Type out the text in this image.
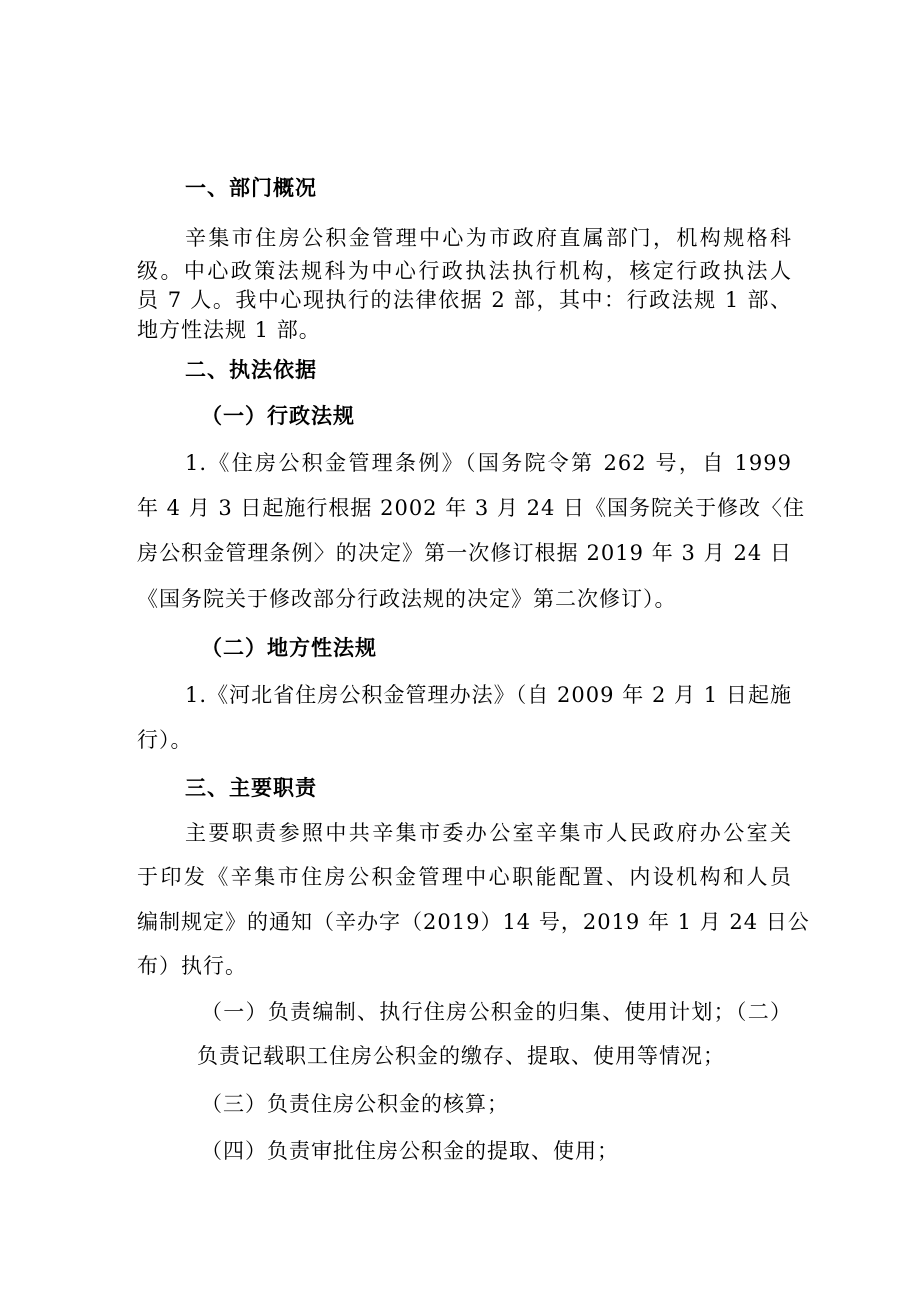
一、部门概况
辛集市住房公积金管理中心为市政府直属部门，机构规格科
级。中心政策法规科为中心行政执法执行机构，核定行政执法人
员 7 人。我中心现执行的法律依据 2 部，其中：行政法规 1 部、
地方性法规 1 部。
二、执法依据
（一）行政法规
1.《住房公积金管理条例》（国务院令第 262 号，自 1999
年 4 月 3 日起施行根据 2002 年 3 月 24 日《国务院关于修改〈住
房公积金管理条例〉的决定》第一次修订根据 2019 年 3 月 24 日
《国务院关于修改部分行政法规的决定》第二次修订）。
（二）地方性法规
1.《河北省住房公积金管理办法》（自 2009 年 2 月 1 日起施
行）。
三、主要职责
主要职责参照中共辛集市委办公室辛集市人民政府办公室关
于印发《辛集市住房公积金管理中心职能配置、内设机构和人员
编制规定》的通知（辛办字（2019）14 号，2019 年 1 月 24 日公
布）执行。
（一）负责编制、执行住房公积金的归集、使用计划；（二）
负责记载职工住房公积金的缴存、提取、使用等情况；
（三）负责住房公积金的核算；
（四）负责审批住房公积金的提取、使用；
